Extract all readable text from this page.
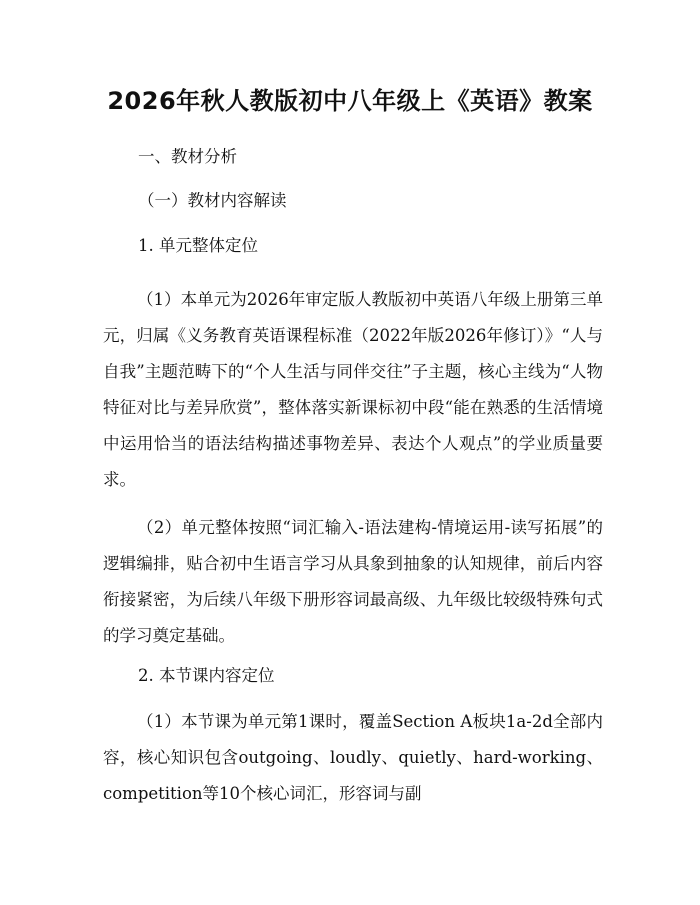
2026年秋人教版初中八年级上《英语》教案
一、教材分析
（一）教材内容解读
1. 单元整体定位
（1）本单元为2026年审定版人教版初中英语八年级上册第三单元，归属《义务教育英语课程标准（2022年版2026年修订）》“人与自我”主题范畴下的“个人生活与同伴交往”子主题，核心主线为“人物特征对比与差异欣赏”，整体落实新课标初中段“能在熟悉的生活情境中运用恰当的语法结构描述事物差异、表达个人观点”的学业质量要求。
（2）单元整体按照“词汇输入-语法建构-情境运用-读写拓展”的逻辑编排，贴合初中生语言学习从具象到抽象的认知规律，前后内容衔接紧密，为后续八年级下册形容词最高级、九年级比较级特殊句式的学习奠定基础。
2. 本节课内容定位
（1）本节课为单元第1课时，覆盖Section A板块1a-2d全部内容，核心知识包含outgoing、loudly、quietly、hard-working、competition等10个核心词汇，形容词与副
